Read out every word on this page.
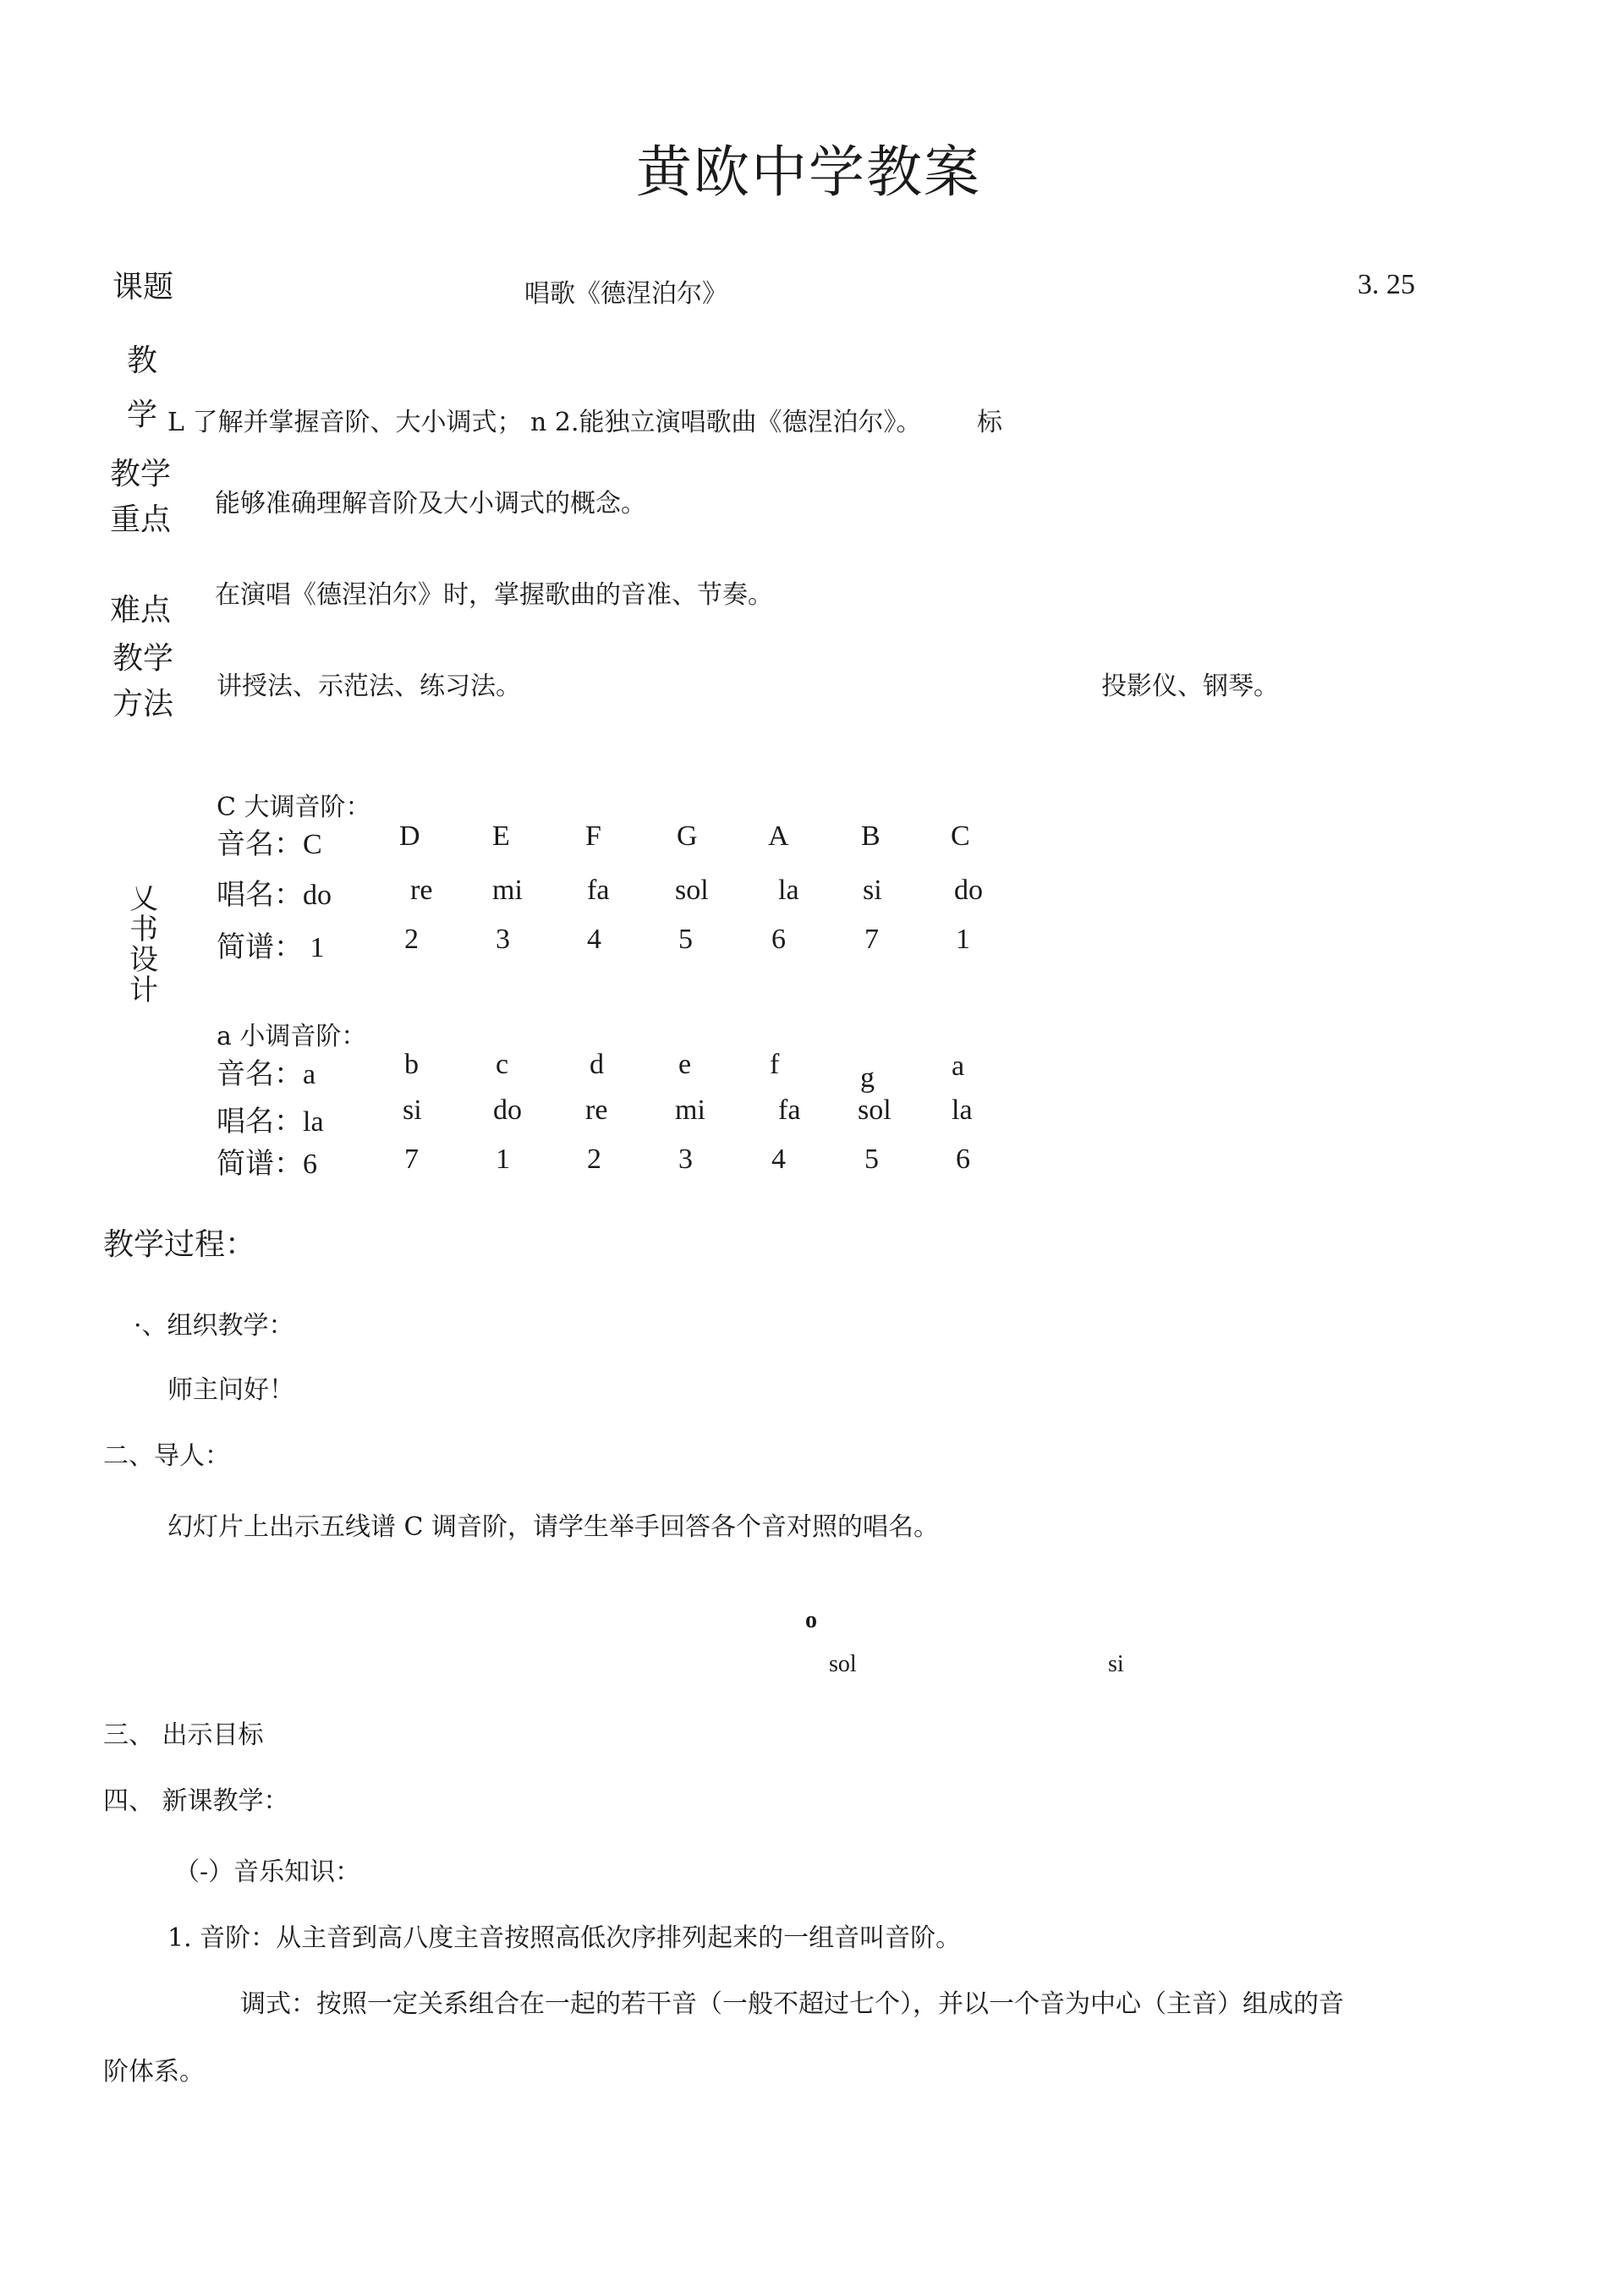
黄欧中学教案
课题	唱歌《德涅泊尔》	3. 25
教
学 L 了解并掌握音阶、大小调式； n 2.能独立演唱歌曲《德涅泊尔》。 标
教学
重点 能够准确理解音阶及大小调式的概念。
难点 在演唱《德涅泊尔》时，掌握歌曲的音准、节奏。
教学
方法
讲授法、示范法、练习法。	投影仪、钢琴。
乂
书
设
计
C 大调音阶：
音名：C	D	E	F	G A	B C
唱名：do	re mi fa sol la si	do
简谱： 1	2	3	4	5	6	7	1
a 小调音阶：
音名：a	b	c	d	e	f	g	a
唱名：la	si do re mi	fa sol la
简谱：6	7	1	2	3	4	5	6
教学过程：
·、组织教学：
师主问好！
二、导人：
幻灯片上出示五线谱 C 调音阶，请学生举手回答各个音对照的唱名。
o
sol	si
三、 出示目标
四、 新课教学：
（-）音乐知识：
1. 音阶：从主音到高八度主音按照高低次序排列起来的一组音叫音阶。
调式：按照一定关系组合在一起的若干音（一般不超过七个），并以一个音为中心（主音）组成的音
阶体系。
